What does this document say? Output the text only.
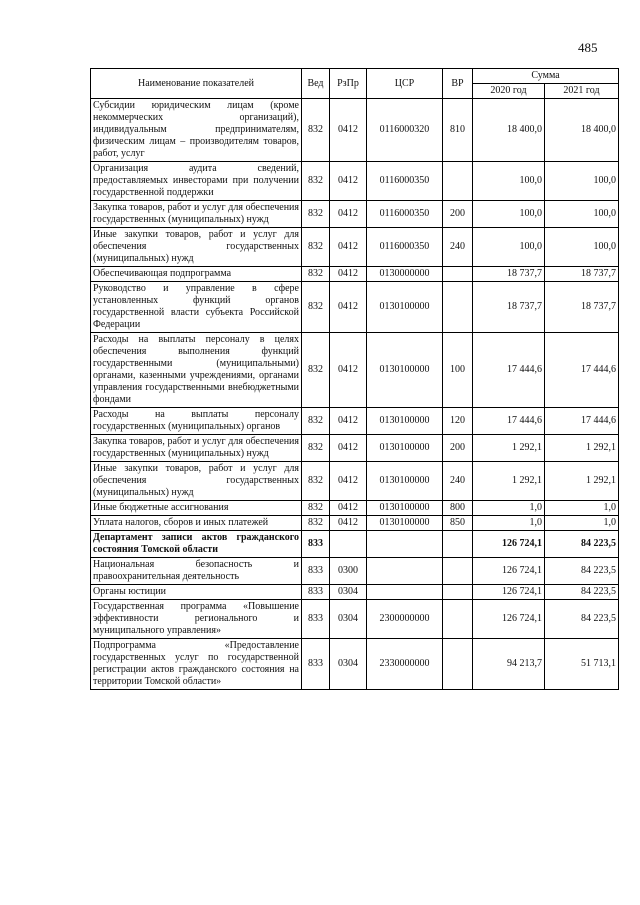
485
Наименование показателей	Вед	РзПр	ЦСР	ВР	Сумма	
					2020 год	2021 год
Субсидии юридическим лицам (кроме некоммерческих организаций), индивидуальным предпринимателям, физическим лицам – производителям товаров, работ, услуг	832	0412	0116000320	810	18 400,0	18 400,0
Организация аудита сведений, предоставляемых инвесторами при получении государственной поддержки	832	0412	0116000350		100,0	100,0
Закупка товаров, работ и услуг для обеспечения государственных (муниципальных) нужд	832	0412	0116000350	200	100,0	100,0
Иные закупки товаров, работ и услуг для обеспечения государственных (муниципальных) нужд	832	0412	0116000350	240	100,0	100,0
Обеспечивающая подпрограмма	832	0412	0130000000		18 737,7	18 737,7
Руководство и управление в сфере установленных функций органов государственной власти субъекта Российской Федерации	832	0412	0130100000		18 737,7	18 737,7
Расходы на выплаты персоналу в целях обеспечения выполнения функций государственными (муниципальными) органами, казенными учреждениями, органами управления государственными внебюджетными фондами	832	0412	0130100000	100	17 444,6	17 444,6
Расходы на выплаты персоналу государственных (муниципальных) органов	832	0412	0130100000	120	17 444,6	17 444,6
Закупка товаров, работ и услуг для обеспечения государственных (муниципальных) нужд	832	0412	0130100000	200	1 292,1	1 292,1
Иные закупки товаров, работ и услуг для обеспечения государственных (муниципальных) нужд	832	0412	0130100000	240	1 292,1	1 292,1
Иные бюджетные ассигнования	832	0412	0130100000	800	1,0	1,0
Уплата налогов, сборов и иных платежей	832	0412	0130100000	850	1,0	1,0
Департамент записи актов гражданского состояния Томской области	833				126 724,1	84 223,5
Национальная безопасность и правоохранительная деятельность	833	0300			126 724,1	84 223,5
Органы юстиции	833	0304			126 724,1	84 223,5
Государственная программа «Повышение эффективности регионального и муниципального управления»	833	0304	2300000000		126 724,1	84 223,5
Подпрограмма «Предоставление государственных услуг по государственной регистрации актов гражданского состояния на территории Томской области»	833	0304	2330000000		94 213,7	51 713,1
